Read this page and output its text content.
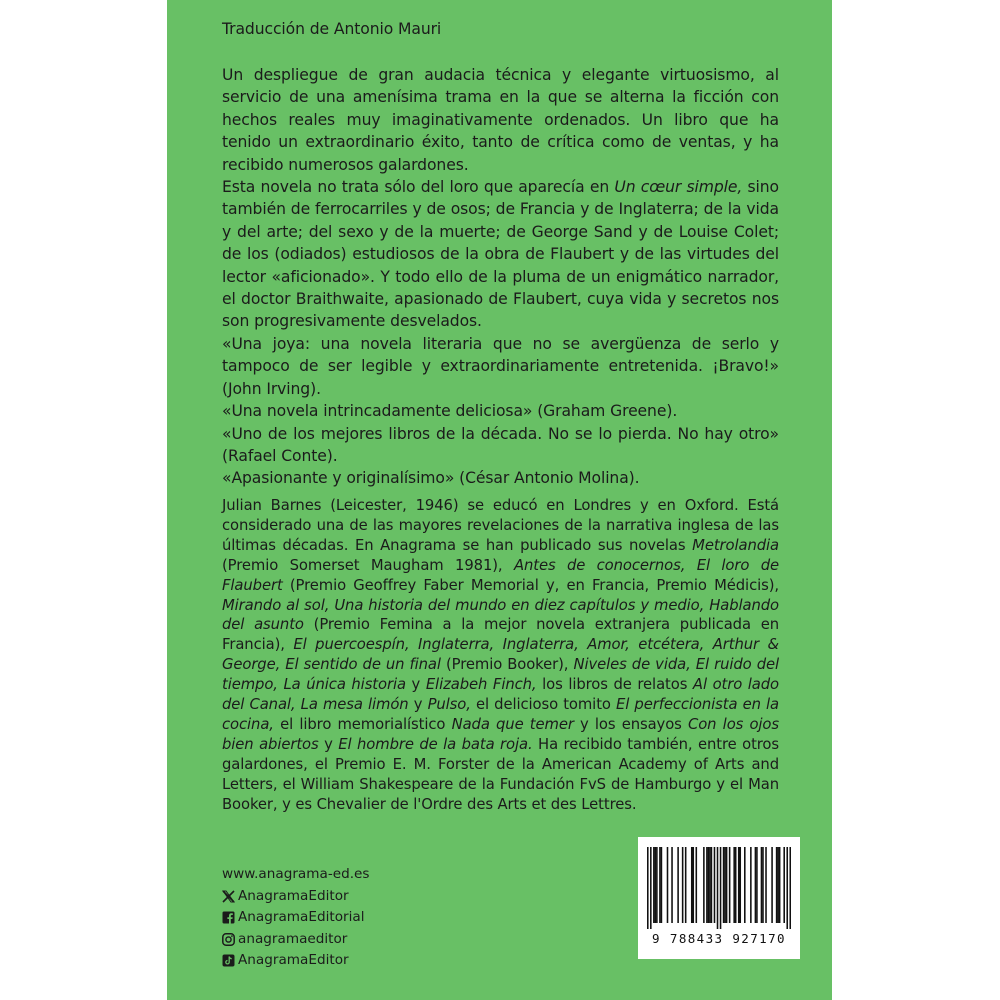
Traducción de Antonio Mauri

Un despliegue de gran audacia técnica y elegante virtuosismo, al servicio de una amenísima trama en la que se alterna la ficción con hechos reales muy imaginativamente ordenados. Un libro que ha tenido un extraordinario éxito, tanto de crítica como de ventas, y ha recibido numerosos galardones.

Esta novela no trata sólo del loro que aparecía en Un cœur simple, sino también de ferrocarriles y de osos; de Francia y de Inglaterra; de la vida y del arte; del sexo y de la muerte; de George Sand y de Louise Colet; de los (odiados) estudiosos de la obra de Flaubert y de las virtudes del lector «aficionado». Y todo ello de la pluma de un enigmático narrador, el doctor Braithwaite, apasionado de Flaubert, cuya vida y secretos nos son progresivamente desvelados.

«Una joya: una novela literaria que no se avergüenza de serlo y tampoco de ser legible y extraordinariamente entretenida. ¡Bravo!» (John Irving).

«Una novela intrincadamente deliciosa» (Graham Greene).

«Uno de los mejores libros de la década. No se lo pierda. No hay otro» (Rafael Conte).

«Apasionante y originalísimo» (César Antonio Molina).

Julian Barnes (Leicester, 1946) se educó en Londres y en Oxford. Está considerado una de las mayores revelaciones de la narrativa inglesa de las últimas décadas. En Anagrama se han publicado sus novelas Metrolandia (Premio Somerset Maugham 1981), Antes de conocernos, El loro de Flaubert (Premio Geoffrey Faber Memorial y, en Francia, Premio Médicis), Mirando al sol, Una historia del mundo en diez capítulos y medio, Hablando del asunto (Premio Femina a la mejor novela extranjera publicada en Francia), El puercoespín, Inglaterra, Inglaterra, Amor, etcétera, Arthur & George, El sentido de un final (Premio Booker), Niveles de vida, El ruido del tiempo, La única historia y Elizabeh Finch, los libros de relatos Al otro lado del Canal, La mesa limón y Pulso, el delicioso tomito El perfeccionista en la cocina, el libro memorialístico Nada que temer y los ensayos Con los ojos bien abiertos y El hombre de la bata roja. Ha recibido también, entre otros galardones, el Premio E. M. Forster de la American Academy of Arts and Letters, el William Shakespeare de la Fundación FvS de Hamburgo y el Man Booker, y es Chevalier de l'Ordre des Arts et des Lettres.

www.anagrama-ed.es
AnagramaEditor
AnagramaEditorial
anagramaeditor
AnagramaEditor
9 788433 927170
